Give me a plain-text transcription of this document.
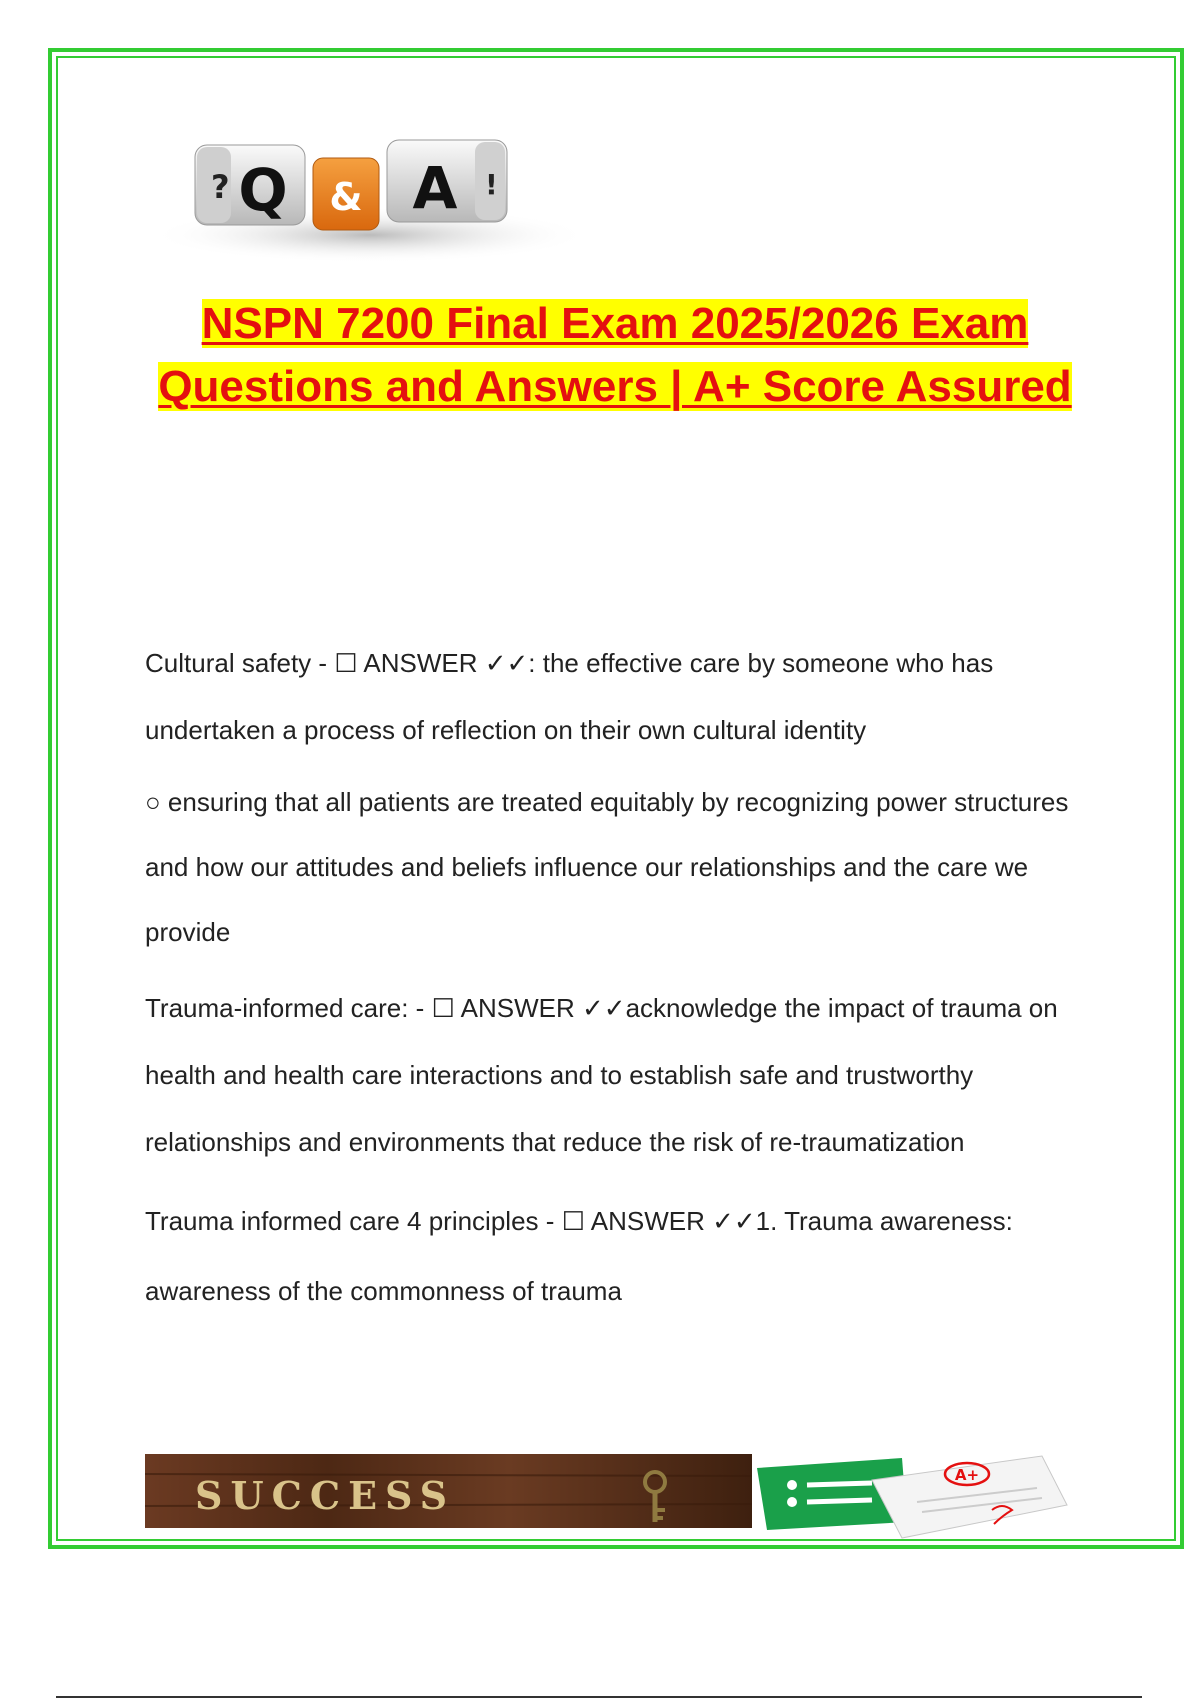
? Q & A !
NSPN 7200 Final Exam 2025/2026 Exam Questions and Answers | A+ Score Assured

Cultural safety - ☐ ANSWER ✓✓: the effective care by someone who has undertaken a process of reflection on their own cultural identity

○ ensuring that all patients are treated equitably by recognizing power structures and how our attitudes and beliefs influence our relationships and the care we provide

Trauma-informed care: - ☐ ANSWER ✓✓acknowledge the impact of trauma on health and health care interactions and to establish safe and trustworthy relationships and environments that reduce the risk of re-traumatization

Trauma informed care 4 principles - ☐ ANSWER ✓✓1. Trauma awareness: awareness of the commonness of trauma

SUCCESS	A+
